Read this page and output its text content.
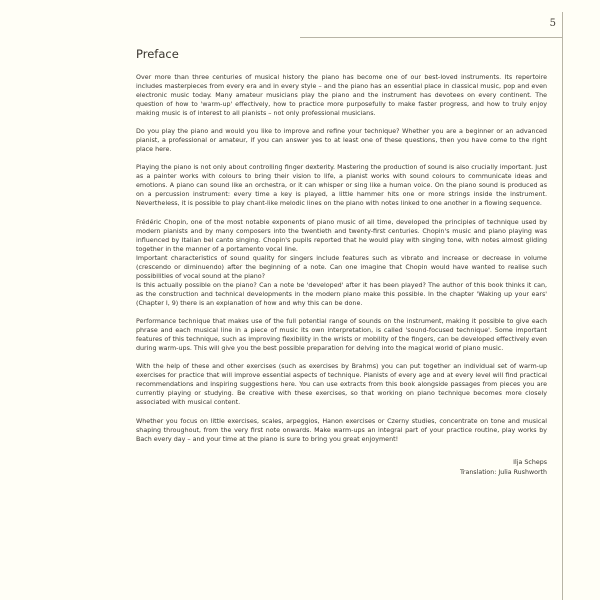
5
Preface

Over more than three centuries of musical history the piano has become one of our best-loved instruments. Its repertoire includes masterpieces from every era and in every style – and the piano has an essential place in classical music, pop and even electronic music today. Many amateur musicians play the piano and the instrument has devotees on every continent. The question of how to 'warm-up' effectively, how to practice more purposefully to make faster progress, and how to truly enjoy making music is of interest to all pianists – not only professional musicians.

Do you play the piano and would you like to improve and refine your technique? Whether you are a beginner or an advanced pianist, a professional or amateur, if you can answer yes to at least one of these questions, then you have come to the right place here.

Playing the piano is not only about controlling finger dexterity. Mastering the production of sound is also crucially important. Just as a painter works with colours to bring their vision to life, a pianist works with sound colours to communicate ideas and emotions. A piano can sound like an orchestra, or it can whisper or sing like a human voice. On the piano sound is produced as on a percussion instrument: every time a key is played, a little hammer hits one or more strings inside the instrument. Nevertheless, it is possible to play chant-like melodic lines on the piano with notes linked to one another in a flowing sequence.

Frédéric Chopin, one of the most notable exponents of piano music of all time, developed the principles of technique used by modern pianists and by many composers into the twentieth and twenty-first centuries. Chopin's music and piano playing was influenced by Italian bel canto singing. Chopin's pupils reported that he would play with singing tone, with notes almost gliding together in the manner of a portamento vocal line.

Important characteristics of sound quality for singers include features such as vibrato and increase or decrease in volume (crescendo or diminuendo) after the beginning of a note. Can one imagine that Chopin would have wanted to realise such possibilities of vocal sound at the piano?

Is this actually possible on the piano? Can a note be 'developed' after it has been played? The author of this book thinks it can, as the construction and technical developments in the modern piano make this possible. In the chapter 'Waking up your ears' (Chapter I, 9) there is an explanation of how and why this can be done.

Performance technique that makes use of the full potential range of sounds on the instrument, making it possible to give each phrase and each musical line in a piece of music its own interpretation, is called 'sound-focused technique'. Some important features of this technique, such as improving flexibility in the wrists or mobility of the fingers, can be developed effectively even during warm-ups. This will give you the best possible preparation for delving into the magical world of piano music.

With the help of these and other exercises (such as exercises by Brahms) you can put together an individual set of warm-up exercises for practice that will improve essential aspects of technique. Pianists of every age and at every level will find practical recommendations and inspiring suggestions here. You can use extracts from this book alongside passages from pieces you are currently playing or studying. Be creative with these exercises, so that working on piano technique becomes more closely associated with musical content.

Whether you focus on little exercises, scales, arpeggios, Hanon exercises or Czerny studies, concentrate on tone and musical shaping throughout, from the very first note onwards. Make warm-ups an integral part of your practice routine, play works by Bach every day – and your time at the piano is sure to bring you great enjoyment!

Ilja Scheps
Translation: Julia Rushworth
